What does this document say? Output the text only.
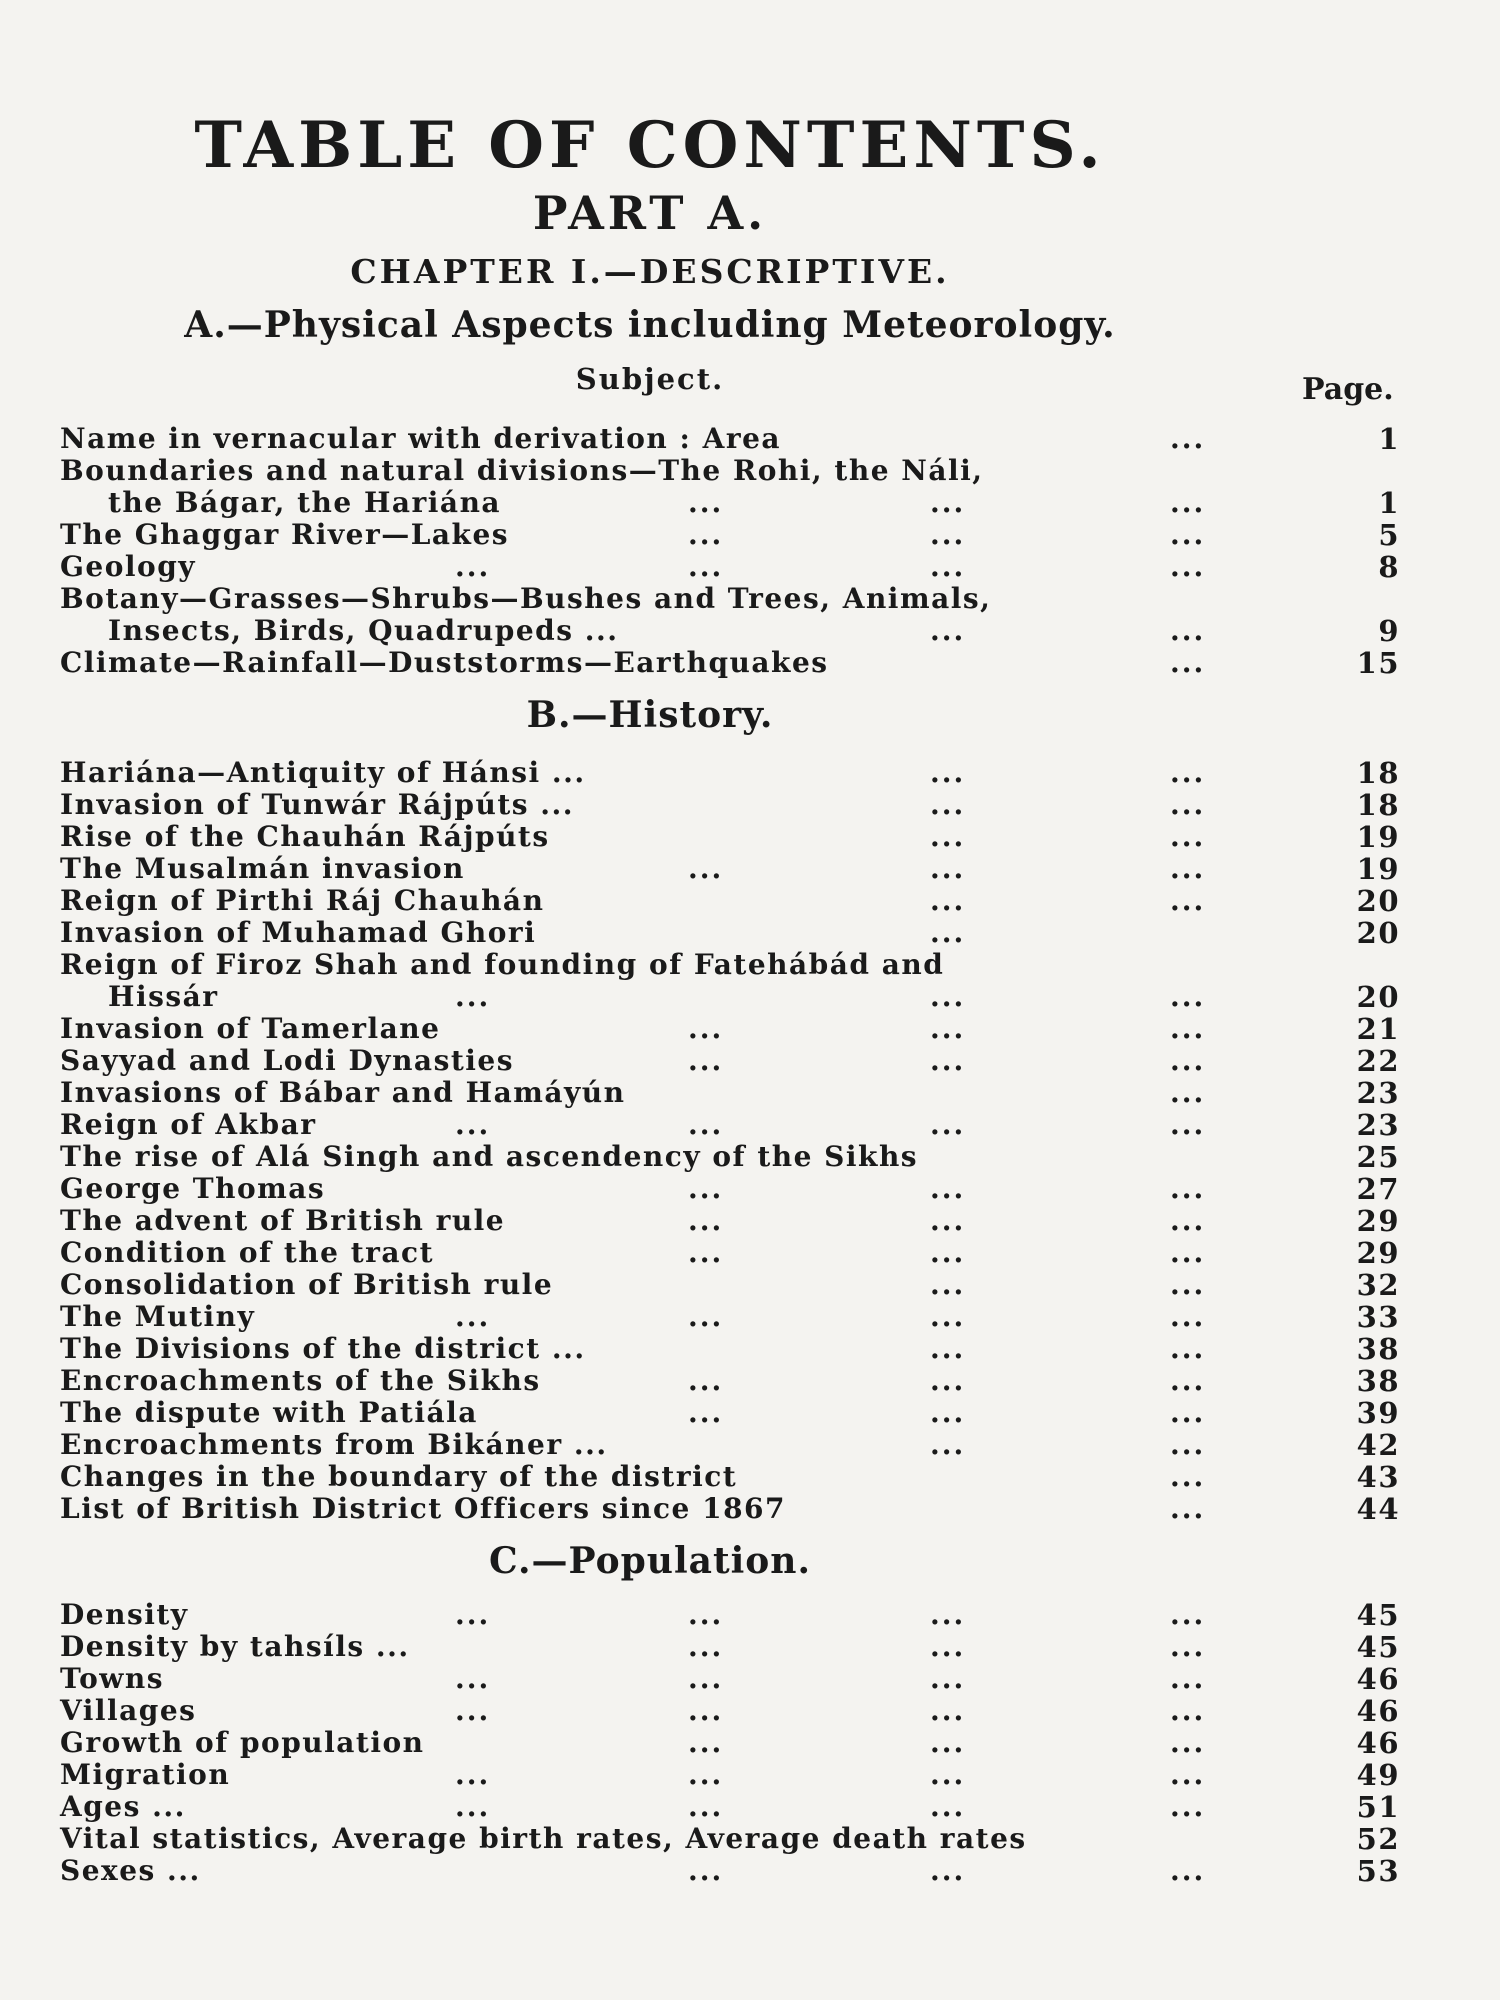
TABLE OF CONTENTS.
PART A.
CHAPTER I.—DESCRIPTIVE.
A.—Physical Aspects including Meteorology.
Subject.	Page.
Name in vernacular with derivation : Area	...	1
Boundaries and natural divisions—The Rohi, the Náli,
the Bágar, the Hariána	...	...	...	1
The Ghaggar River—Lakes	...	...	...	5
Geology	...	...	...	...	8
Botany—Grasses—Shrubs—Bushes and Trees, Animals,
Insects, Birds, Quadrupeds ...	...	...	9
Climate—Rainfall—Duststorms—Earthquakes	...	15
B.—History.
Hariána—Antiquity of Hánsi ...	...	...	18
Invasion of Tunwár Rájpúts ...	...	...	18
Rise of the Chauhán Rájpúts	...	...	19
The Musalmán invasion	...	...	...	19
Reign of Pirthi Ráj Chauhán	...	...	20
Invasion of Muhamad Ghori	...	20
Reign of Firoz Shah and founding of Fatehábád and
Hissár	...	...	...	20
Invasion of Tamerlane	...	...	...	21
Sayyad and Lodi Dynasties	...	...	...	22
Invasions of Bábar and Hamáyún	...	23
Reign of Akbar	...	...	...	...	23
The rise of Alá Singh and ascendency of the Sikhs	25
George Thomas	...	...	...	27
The advent of British rule	...	...	...	29
Condition of the tract	...	...	...	29
Consolidation of British rule	...	...	32
The Mutiny	...	...	...	...	33
The Divisions of the district ...	...	...	38
Encroachments of the Sikhs	...	...	...	38
The dispute with Patiála	...	...	...	39
Encroachments from Bikáner ...	...	...	42
Changes in the boundary of the district	...	43
List of British District Officers since 1867	...	44
C.—Population.
Density	...	...	...	...	45
Density by tahsíls ...	...	...	...	45
Towns	...	...	...	...	46
Villages	...	...	...	...	46
Growth of population	...	...	...	46
Migration	...	...	...	...	49
Ages ...	...	...	...	...	51
Vital statistics, Average birth rates, Average death rates	52
Sexes ...	...	...	...	53
